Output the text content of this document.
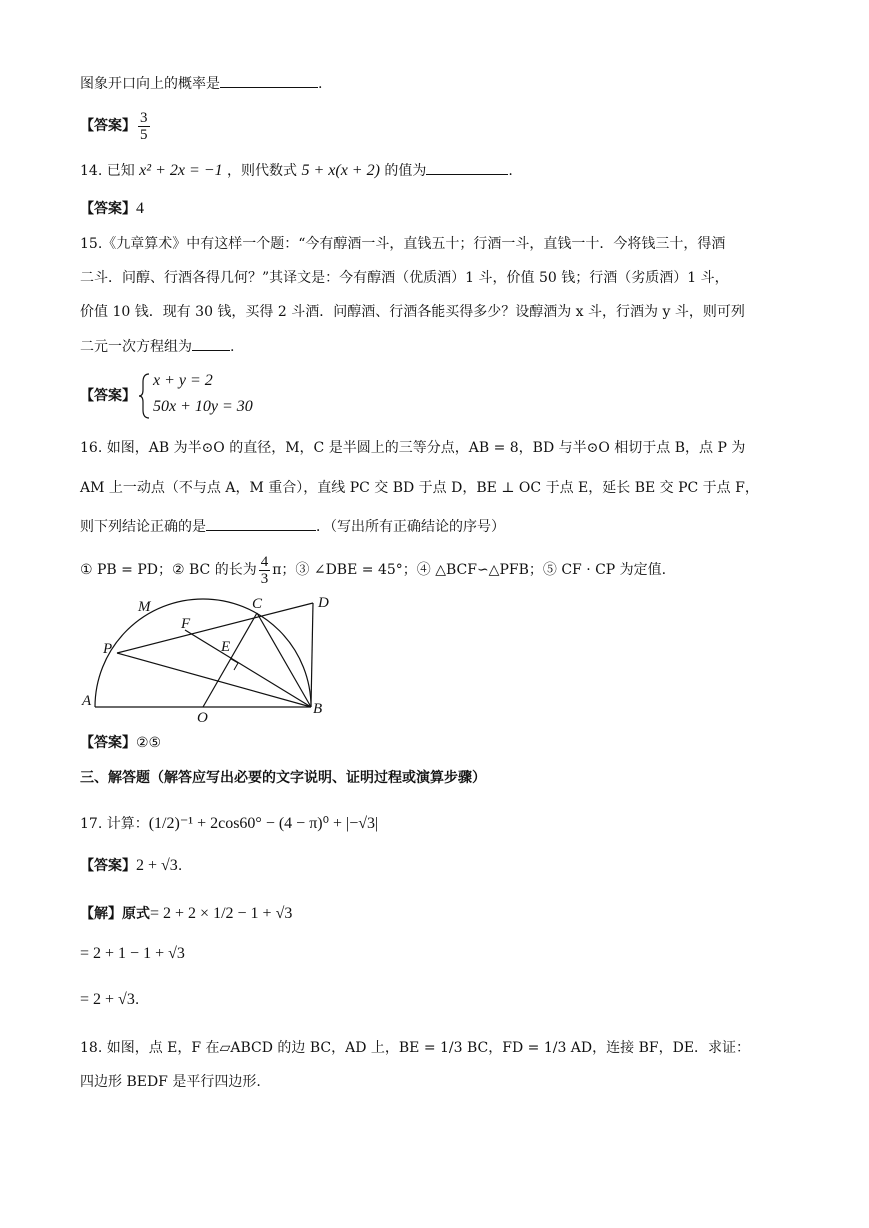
图象开口向上的概率是	.
【答案】 $\frac{3}{5}$
14. 已知 x² + 2x = −1 ，则代数式 5 + x(x + 2) 的值为	.
【答案】4
15.《九章算术》中有这样一个题：“今有醇酒一斗，直钱五十；行酒一斗，直钱一十．今将钱三十，得酒
二斗．问醇、行酒各得几何？”其译文是：今有醇酒（优质酒）1 斗，价值 50 钱；行酒（劣质酒）1 斗，
价值 10 钱．现有 30 钱，买得 2 斗酒．问醇酒、行酒各能买得多少？设醇酒为 x 斗，行酒为 y 斗，则可列
二元一次方程组为	.
【答案】
x + y = 2
50x + 10y = 30
16. 如图，AB 为半⊙O 的直径，M，C 是半圆上的三等分点，AB = 8，BD 与半⊙O 相切于点 B，点 P 为
AM 上一动点（不与点 A，M 重合），直线 PC 交 BD 于点 D，BE ⊥ OC 于点 E，延长 BE 交 PC 于点 F，
则下列结论正确的是	．（写出所有正确结论的序号）
① PB = PD；② BC 的长为 $\frac{4}{3}$ π；③ ∠DBE = 45°；④ △BCF∽△PFB；⑤ CF · CP 为定值.
M	C	D
F
P	E
A
O
B
【答案】②⑤
三、解答题（解答应写出必要的文字说明、证明过程或演算步骤）
17. 计算：(1/2)⁻¹ + 2cos60° − (4 − π)⁰ + |−√3|
【答案】2 + √3.
【解】原式= 2 + 2 × 1/2 − 1 + √3
= 2 + 1 − 1 + √3
= 2 + √3.
18. 如图，点 E，F 在▱ABCD 的边 BC，AD 上，BE = 1/3 BC，FD = 1/3 AD，连接 BF，DE．求证：
四边形 BEDF 是平行四边形.
